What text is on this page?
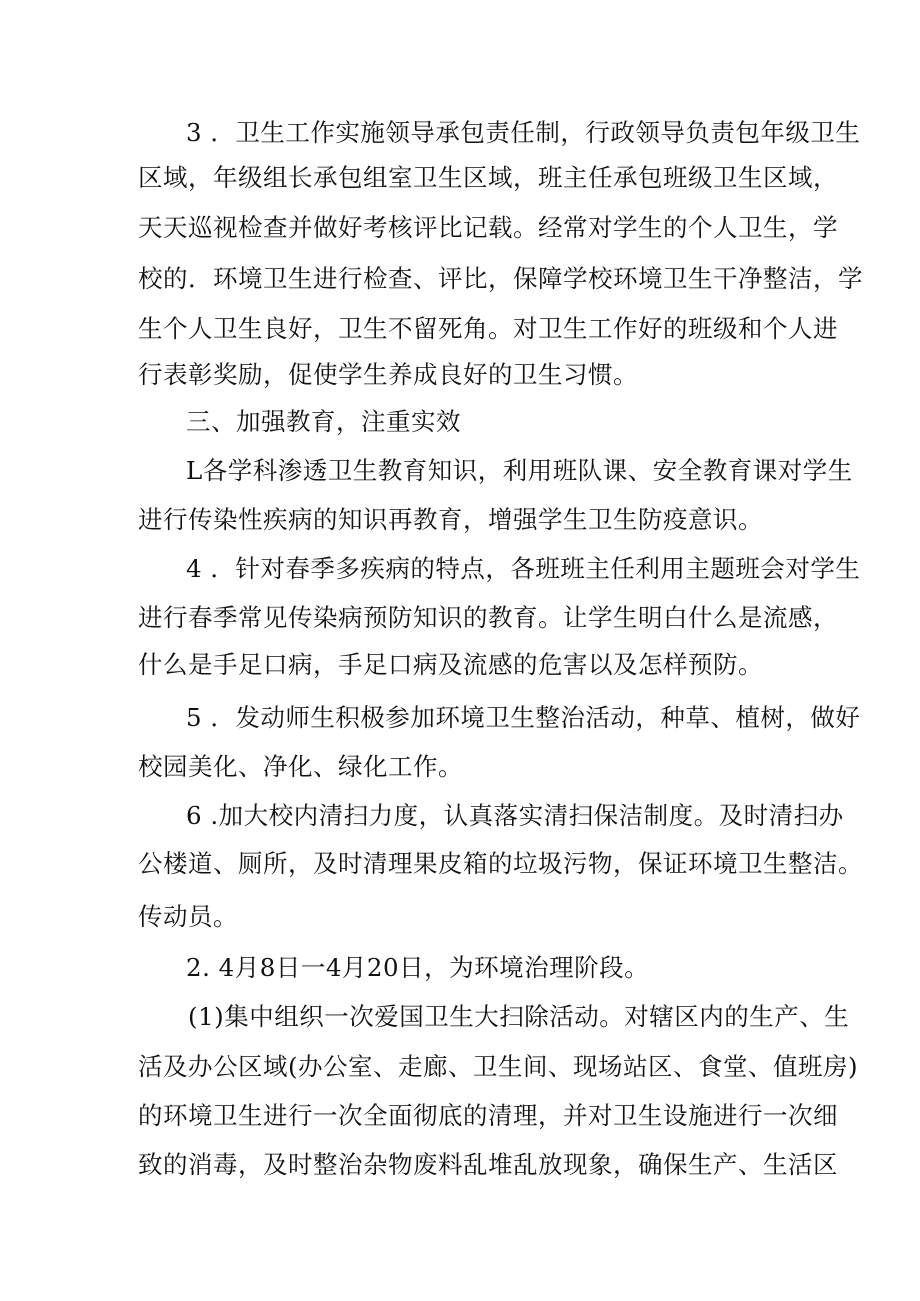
3 ．卫生工作实施领导承包责任制，行政领导负责包年级卫生
区域，年级组长承包组室卫生区域，班主任承包班级卫生区域，
天天巡视检查并做好考核评比记载。经常对学生的个人卫生，学
校的．环境卫生进行检查、评比，保障学校环境卫生干净整洁，学
生个人卫生良好，卫生不留死角。对卫生工作好的班级和个人进
行表彰奖励，促使学生养成良好的卫生习惯。
三、加强教育，注重实效
L各学科渗透卫生教育知识，利用班队课、安全教育课对学生
进行传染性疾病的知识再教育，增强学生卫生防疫意识。
4 ．针对春季多疾病的特点，各班班主任利用主题班会对学生
进行春季常见传染病预防知识的教育。让学生明白什么是流感，
什么是手足口病，手足口病及流感的危害以及怎样预防。
5 ．发动师生积极参加环境卫生整治活动，种草、植树，做好
校园美化、净化、绿化工作。
6 .加大校内清扫力度，认真落实清扫保洁制度。及时清扫办
公楼道、厕所，及时清理果皮箱的垃圾污物，保证环境卫生整洁。
传动员。
2. 4月8日一4月20日，为环境治理阶段。
(1)集中组织一次爱国卫生大扫除活动。对辖区内的生产、生
活及办公区域(办公室、走廊、卫生间、现场站区、食堂、值班房)
的环境卫生进行一次全面彻底的清理，并对卫生设施进行一次细
致的消毒，及时整治杂物废料乱堆乱放现象，确保生产、生活区
